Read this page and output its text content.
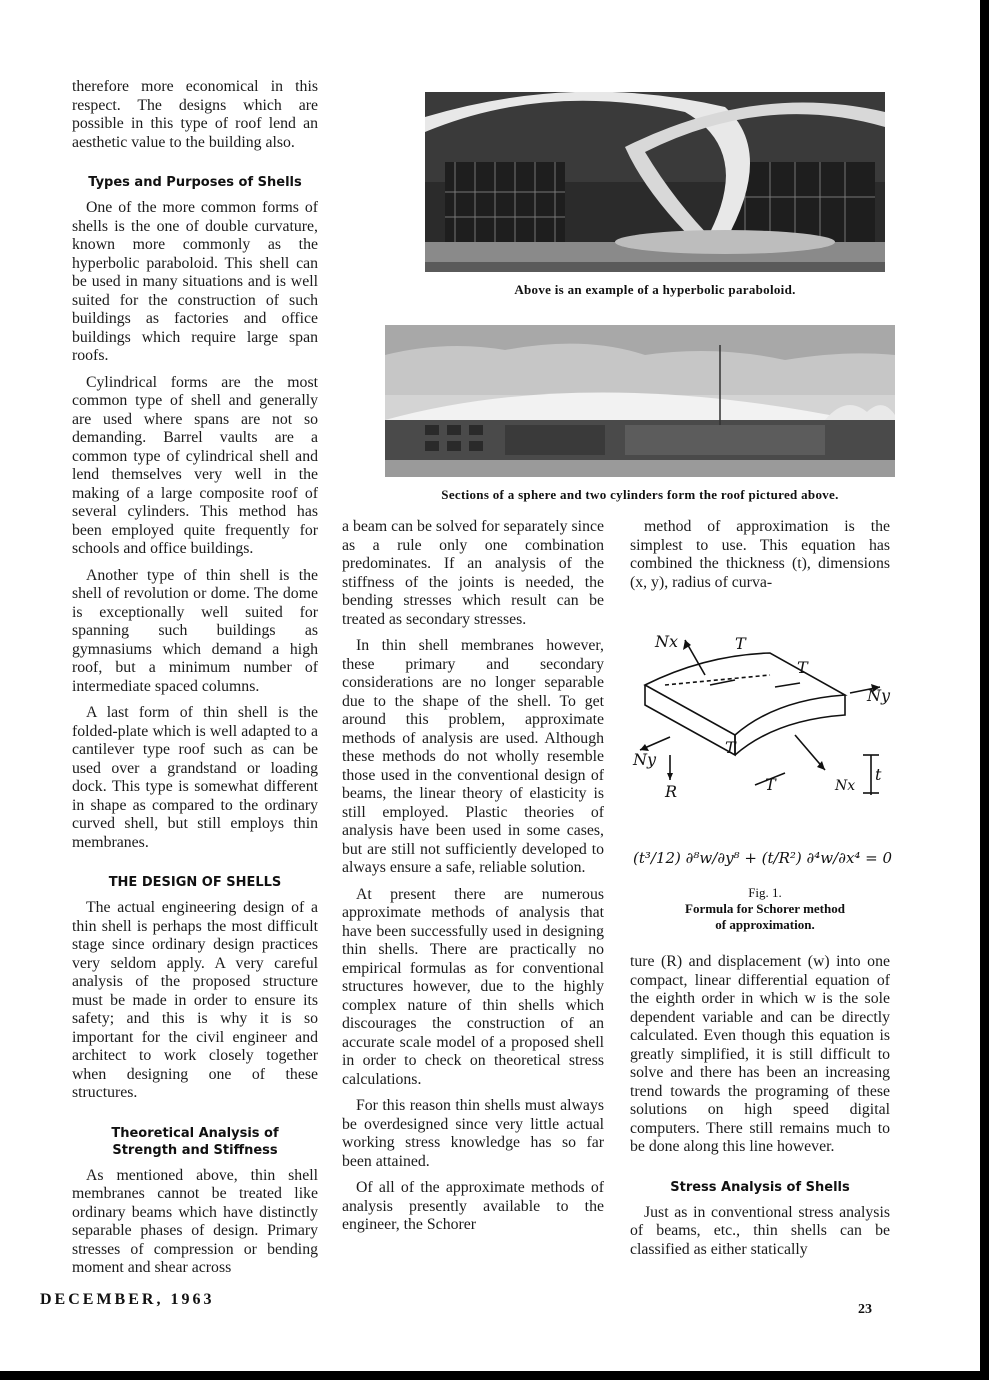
therefore more economical in this respect. The designs which are possible in this type of roof lend an aesthetic value to the building also.

Types and Purposes of Shells

One of the more common forms of shells is the one of double curvature, known more commonly as the hyperbolic paraboloid. This shell can be used in many situations and is well suited for the construction of such buildings as factories and office buildings which require large span roofs.

Cylindrical forms are the most common type of shell and generally are used where spans are not so demanding. Barrel vaults are a common type of cylindrical shell and lend themselves very well in the making of a large composite roof of several cylinders. This method has been employed quite frequently for schools and office buildings.

Another type of thin shell is the shell of revolution or dome. The dome is exceptionally well suited for spanning such buildings as gymnasiums which demand a high roof, but a minimum number of intermediate spaced columns.

A last form of thin shell is the folded-plate which is well adapted to a cantilever type roof such as can be used over a grandstand or loading dock. This type is somewhat different in shape as compared to the ordinary curved shell, but still employs thin membranes.

THE DESIGN OF SHELLS

The actual engineering design of a thin shell is perhaps the most difficult stage since ordinary design practices very seldom apply. A very careful analysis of the proposed structure must be made in order to ensure its safety; and this is why it is so important for the civil engineer and architect to work closely together when designing one of these structures.

Theoretical Analysis of Strength and Stiffness

As mentioned above, thin shell membranes cannot be treated like ordinary beams which have distinctly separable phases of design. Primary stresses of compression or bending moment and shear across

Above is an example of a hyperbolic paraboloid.
Sections of a sphere and two cylinders form the roof pictured above.

a beam can be solved for separately since as a rule only one combination predominates. If an analysis of the stiffness of the joints is needed, the bending stresses which result can be treated as secondary stresses.

In thin shell membranes however, these primary and secondary considerations are no longer separable due to the shape of the shell. To get around this problem, approximate methods of analysis are used. Although these methods do not wholly resemble those used in the conventional design of beams, the linear theory of elasticity is still employed. Plastic theories of analysis have been used in some cases, but are still not sufficiently developed to always ensure a safe, reliable solution.

At present there are numerous approximate methods of analysis that have been successfully used in designing thin shells. There are practically no empirical formulas as for conventional structures however, due to the highly complex nature of thin shells which discourages the construction of an accurate scale model of a proposed shell in order to check on theoretical stress calculations.

For this reason thin shells must always be overdesigned since very little actual working stress knowledge has so far been attained.

Of all of the approximate methods of analysis presently available to the engineer, the Schorer

method of approximation is the simplest to use. This equation has combined the thickness (t), dimensions (x, y), radius of curva-

Nx
Ny
Ny
T
T
T
T
R
t
Nx
(t³/12) ∂⁸w/∂y⁸ + (t/R²) ∂⁴w/∂x⁴ = 0
Fig. 1.
Formula for Schorer method
of approximation.

ture (R) and displacement (w) into one compact, linear differential equation of the eighth order in which w is the sole dependent variable and can be directly calculated. Even though this equation is greatly simplified, it is still difficult to solve and there has been an increasing trend towards the programing of these solutions on high speed digital computers. There still remains much to be done along this line however.

Stress Analysis of Shells

Just as in conventional stress analysis of beams, etc., thin shells can be classified as either statically

DECEMBER, 1963
23
